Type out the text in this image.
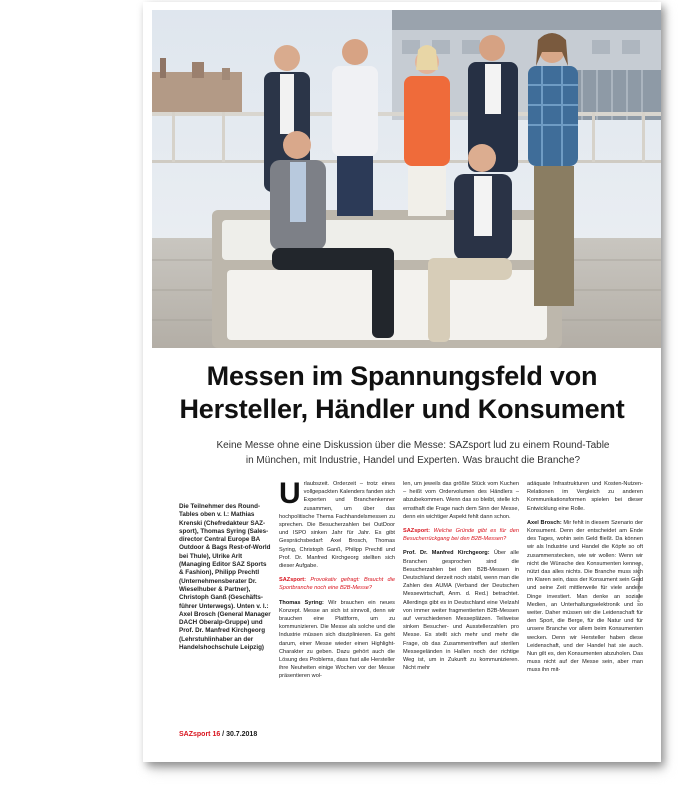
Foto: Mathias Krenski
Messen im Spannungsfeld von
Hersteller, Händler und Konsument
Keine Messe ohne eine Diskussion über die Messe: SAZsport lud zu einem Round-Table in München, mit Industrie, Handel und Experten. Was braucht die Branche?
Die Teilnehmer des Round-Tables oben v. l.: Mathias Krenski (Chefredakteur SAZ-sport), Thomas Syring (Sales-director Central Europe BA Outdoor & Bags Rest-of-World bei Thule), Ulrike Arlt (Managing Editor SAZ Sports & Fashion), Philipp Prechtl (Unternehmensberater Dr. Wieselhuber & Partner), Christoph Ganß (Geschäfts-führer Unterwegs). Unten v. l.: Axel Brosch (General Manager DACH Oberalp-Gruppe) und Prof. Dr. Manfred Kirchgeorg (Lehrstuhlinhaber an der Handelshochschule Leipzig)

U rlaubszeit. Orderzeit – trotz eines vollgepackten Kalenders fanden sich Experten und Branchenkenner zusammen, um über das hochpolitische Thema Fachhandelsmessen zu sprechen. Die Besucherzahlen bei OutDoor und ISPO sinken Jahr für Jahr. Es gibt Gesprächsbedarf: Axel Brosch, Thomas Syring, Christoph Ganß, Philipp Prechtl und Prof. Dr. Manfred Kirchgeorg stellten sich dieser Aufgabe.

SAZsport: Provokativ gefragt: Braucht die Sportbranche noch eine B2B-Messe?

Thomas Syring: Wir brauchen ein neues Konzept. Messe an sich ist sinnvoll, denn wir brauchen eine Plattform, um zu kommunizieren. Die Messe als solche und die Industrie müssen sich disziplinieren. Es geht darum, einer Messe wieder einen Highlight-Charakter zu geben. Dazu gehört auch die Lösung des Problems, dass fast alle Hersteller ihre Neuheiten einige Wochen vor der Messe präsentieren wol-

len, um jeweils das größte Stück vom Kuchen – heißt vom Ordervolumen des Händlers – abzubekommen. Wenn das so bleibt, stelle ich ernsthaft die Frage nach dem Sinn der Messe, denn ein wichtiger Aspekt fehlt dann schon.

SAZsport: Welche Gründe gibt es für den Besucherrückgang bei den B2B-Messen?

Prof. Dr. Manfred Kirchgeorg: Über alle Branchen gesprochen sind die Besucherzahlen bei den B2B-Messen in Deutschland derzeit noch stabil, wenn man die Zahlen des AUMA (Verband der Deutschen Messewirtschaft, Anm. d. Red.) betrachtet. Allerdings gibt es in Deutschland eine Vielzahl von immer weiter fragmentierten B2B-Messen auf verschiedenen Messeplätzen. Teilweise sinken Besucher- und Ausstellerzahlen pro Messe. Es stellt sich mehr und mehr die Frage, ob das Zusammentreffen auf sterilen Messegeländen in Hallen noch der richtige Weg ist, um in Zukunft zu kommunizieren. Nicht mehr

adäquate Infrastrukturen und Kosten-Nutzen-Relationen im Vergleich zu anderen Kommunikationsformen spielen bei dieser Entwicklung eine Rolle.

Axel Brosch: Mir fehlt in diesem Szenario der Konsument. Denn der entscheidet am Ende des Tages, wohin sein Geld fließt. Da können wir als Industrie und Handel die Köpfe so oft zusammenstecken, wie wir wollen: Wenn wir nicht die Wünsche des Konsumenten kennen, nützt das alles nichts. Die Branche muss sich im Klaren sein, dass der Konsument sein Geld und seine Zeit mittlerweile für viele andere Dinge investiert. Man denke an soziale Medien, an Unterhaltungselektronik und so weiter. Daher müssen wir die Leidenschaft für den Sport, die Berge, für die Natur und für unsere Branche vor allem beim Konsumenten wecken. Denn wir Hersteller haben diese Leidenschaft, und der Handel hat sie auch. Nun gilt es, den Konsumenten abzuholen. Das muss nicht auf der Messe sein, aber man muss ihn mit-

SAZsport 16 / 30.7.2018
